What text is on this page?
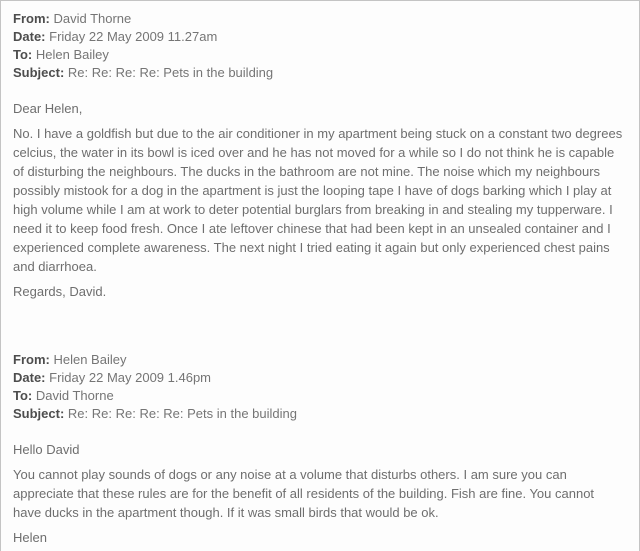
From: David Thorne
Date: Friday 22 May 2009 11.27am
To: Helen Bailey
Subject: Re: Re: Re: Re: Pets in the building

Dear Helen,

No. I have a goldfish but due to the air conditioner in my apartment being stuck on a constant two degrees celcius, the water in its bowl is iced over and he has not moved for a while so I do not think he is capable of disturbing the neighbours. The ducks in the bathroom are not mine. The noise which my neighbours possibly mistook for a dog in the apartment is just the looping tape I have of dogs barking which I play at high volume while I am at work to deter potential burglars from breaking in and stealing my tupperware. I need it to keep food fresh. Once I ate leftover chinese that had been kept in an unsealed container and I experienced complete awareness. The next night I tried eating it again but only experienced chest pains and diarrhoea.

Regards, David.

From: Helen Bailey
Date: Friday 22 May 2009 1.46pm
To: David Thorne
Subject: Re: Re: Re: Re: Re: Pets in the building

Hello David

You cannot play sounds of dogs or any noise at a volume that disturbs others. I am sure you can appreciate that these rules are for the benefit of all residents of the building. Fish are fine. You cannot have ducks in the apartment though. If it was small birds that would be ok.

Helen
